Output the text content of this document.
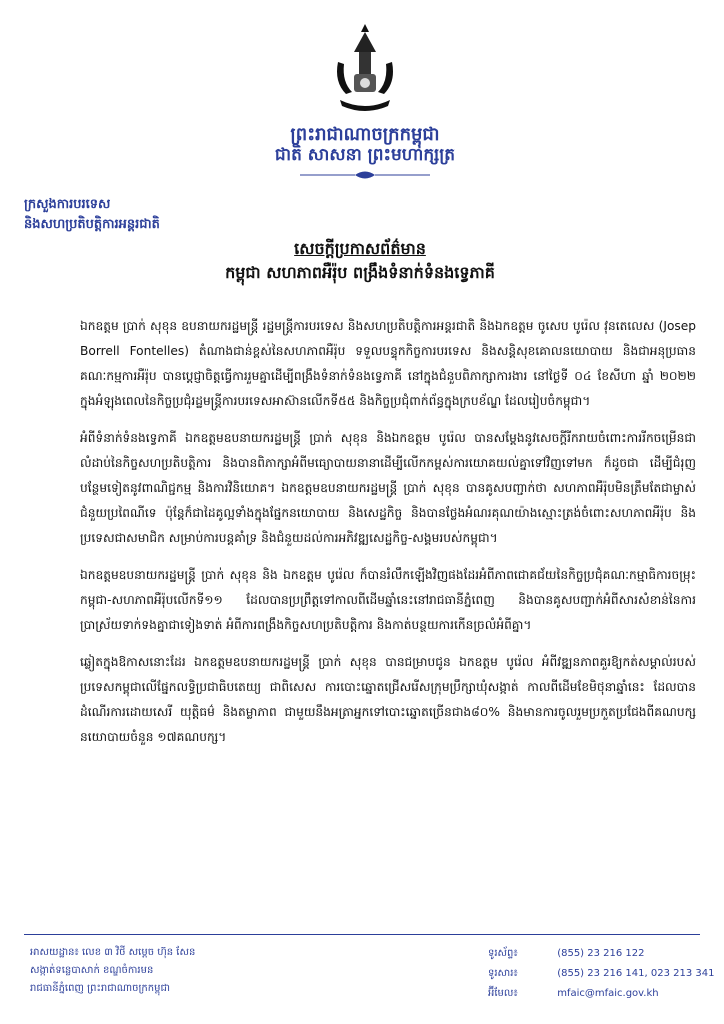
ព្រះរាជាណាចក្រកម្ពុជា
ជាតិ សាសនា ព្រះមហាក្សត្រ
ក្រសួងការបរទេស
និងសហប្រតិបត្តិការអន្តរជាតិ
សេចក្តីប្រកាសព័ត៌មាន
កម្ពុជា សហភាពអឺរ៉ុប ពង្រឹងទំនាក់ទំនងទ្វេភាគី

ឯកឧត្តម ប្រាក់ សុខុន ឧបនាយករដ្ឋមន្ត្រី រដ្ឋមន្ត្រីការបរទេស និងសហប្រតិបត្តិការអន្តរជាតិ និងឯកឧត្តម ចូសេប បូរ៉េល វុនតេលេស (Josep Borrell Fontelles) តំណាងជាន់ខ្ពស់នៃសហភាពអឺរ៉ុប ទទួលបន្ទុកកិច្ចការបរទេស និងសន្តិសុខគោលនយោបាយ និងជាអនុប្រធានគណៈកម្មការអឺរ៉ុប បានប្តេជ្ញាចិត្តធ្វើការរួមគ្នាដើម្បីពង្រឹងទំនាក់ទំនងទ្វេភាគី នៅក្នុងជំនួបពិភាក្សាការងារ នៅថ្ងៃទី ០៤ ខែសីហា ឆ្នាំ ២០២២ ក្នុងអំឡុងពេលនៃកិច្ចប្រជុំរដ្ឋមន្ត្រីការបរទេសអាស៊ានលើកទី៥៥ និងកិច្ចប្រជុំពាក់ព័ន្ធក្នុងក្របខ័ណ្ឌ ដែលរៀបចំកម្ពុជា។

អំពីទំនាក់ទំនងទ្វេភាគី ឯកឧត្តមឧបនាយករដ្ឋមន្ត្រី ប្រាក់ សុខុន និងឯកឧត្តម បូរ៉េល បានសម្តែងនូវសេចក្តីរីករាយចំពោះការរីកចម្រើនជាលំដាប់នៃកិច្ចសហប្រតិបត្តិការ និងបានពិភាក្សាអំពីមធ្យោបាយនានាដើម្បីលើកកម្ពស់ការយោគយល់គ្នាទៅវិញទៅមក ក៏ដូចជា ដើម្បីជំរុញបន្ថែមទៀតនូវពាណិជ្ជកម្ម និងការវិនិយោគ។ ឯកឧត្តមឧបនាយករដ្ឋមន្ត្រី ប្រាក់ សុខុន បានគូសបញ្ជាក់ថា សហភាពអឺរ៉ុបមិនត្រឹមតែជាម្ចាស់ជំនួយប្រពៃណីទេ ប៉ុន្តែក៏ជាដៃគូល្អទាំងក្នុងផ្នែកនយោបាយ និងសេដ្ឋកិច្ច និងបានថ្លែងអំណរគុណយ៉ាងស្មោះត្រង់ចំពោះសហភាពអឺរ៉ុប និងប្រទេសជាសមាជិក សម្រាប់ការបន្តគាំទ្រ និងជំនួយដល់ការអភិវឌ្ឍសេដ្ឋកិច្ច-សង្គមរបស់កម្ពុជា។

ឯកឧត្តមឧបនាយករដ្ឋមន្ត្រី ប្រាក់ សុខុន និង ឯកឧត្តម បូរ៉េល ក៏បានរំលឹកឡើងវិញផងដែរអំពីភាពជោគជ័យនៃកិច្ចប្រជុំគណៈកម្មាធិការចម្រុះកម្ពុជា-សហភាពអឺរ៉ុបលើកទី១១ ដែលបានប្រព្រឹត្តទៅកាលពីដើមឆ្នាំនេះនៅរាជធានីភ្នំពេញ និងបានគូសបញ្ជាក់អំពីសារសំខាន់នៃការប្រាស្រ័យទាក់ទងគ្នាជាទៀងទាត់ អំពីការពង្រឹងកិច្ចសហប្រតិបត្តិការ និងកាត់បន្ថយការកើនច្រលំអំពីគ្នា។

ឆ្លៀតក្នុងឱកាសនោះដែរ ឯកឧត្តមឧបនាយករដ្ឋមន្ត្រី ប្រាក់ សុខុន បានជម្រាបជូន ឯកឧត្តម បូរ៉េល អំពីវឌ្ឍនភាពគួរឱ្យកត់សម្គាល់របស់ប្រទេសកម្ពុជាលើផ្នែកលទ្ធិប្រជាធិបតេយ្យ ជាពិសេស ការបោះឆ្នោតជ្រើសរើសក្រុមប្រឹក្សាឃុំសង្កាត់ កាលពីដើមខែមិថុនាឆ្នាំនេះ ដែលបានដំណើរការដោយសេរី យុត្តិធម៌ និងតម្លាភាព ជាមួយនឹងអត្រាអ្នកទៅបោះឆ្នោតច្រើនជាង៨០% និងមានការចូលរួមប្រកួតប្រជែងពីគណបក្សនយោបាយចំនួន ១៧គណបក្ស។

អាសយដ្ឋាន៖ លេខ ៣ វិថី សម្តេច ហ៊ុន សែន
សង្កាត់ទន្លេបាសាក់ ខណ្ឌចំការមន
រាជធានីភ្នំពេញ ព្រះរាជាណាចក្រកម្ពុជា
ទូរស័ព្ទ៖	(855) 23 216 122
ទូរសារ៖	(855) 23 216 141, 023 213 341
អ៊ីមែល៖	mfaic@mfaic.gov.kh
